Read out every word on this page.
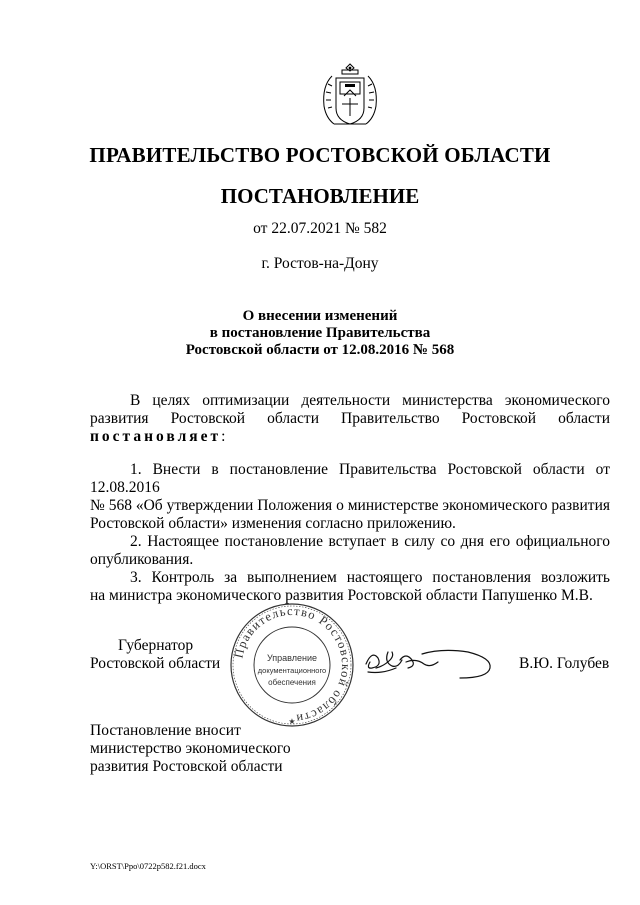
ПРАВИТЕЛЬСТВО РОСТОВСКОЙ ОБЛАСТИ
ПОСТАНОВЛЕНИЕ
от 22.07.2021 № 582
г. Ростов-на-Дону
О внесении изменений
в постановление Правительства
Ростовской области от 12.08.2016 № 568
В целях оптимизации деятельности министерства экономического
развития Ростовской области Правительство Ростовской области
постановляет:
1. Внести в постановление Правительства Ростовской области от 12.08.2016
№ 568 «Об утверждении Положения о министерстве экономического развития
Ростовской области» изменения согласно приложению.
2. Настоящее постановление вступает в силу со дня его официального
опубликования.
3. Контроль за выполнением настоящего постановления возложить
на министра экономического развития Ростовской области Папушенко М.В.
Губернатор
Ростовской области
Правительство Ростовской области
Управление
документационного
обеспечения
★
В.Ю. Голубев
Постановление вносит
министерство экономического
развития Ростовской области
Y:\ORST\Ppo\0722p582.f21.docx
